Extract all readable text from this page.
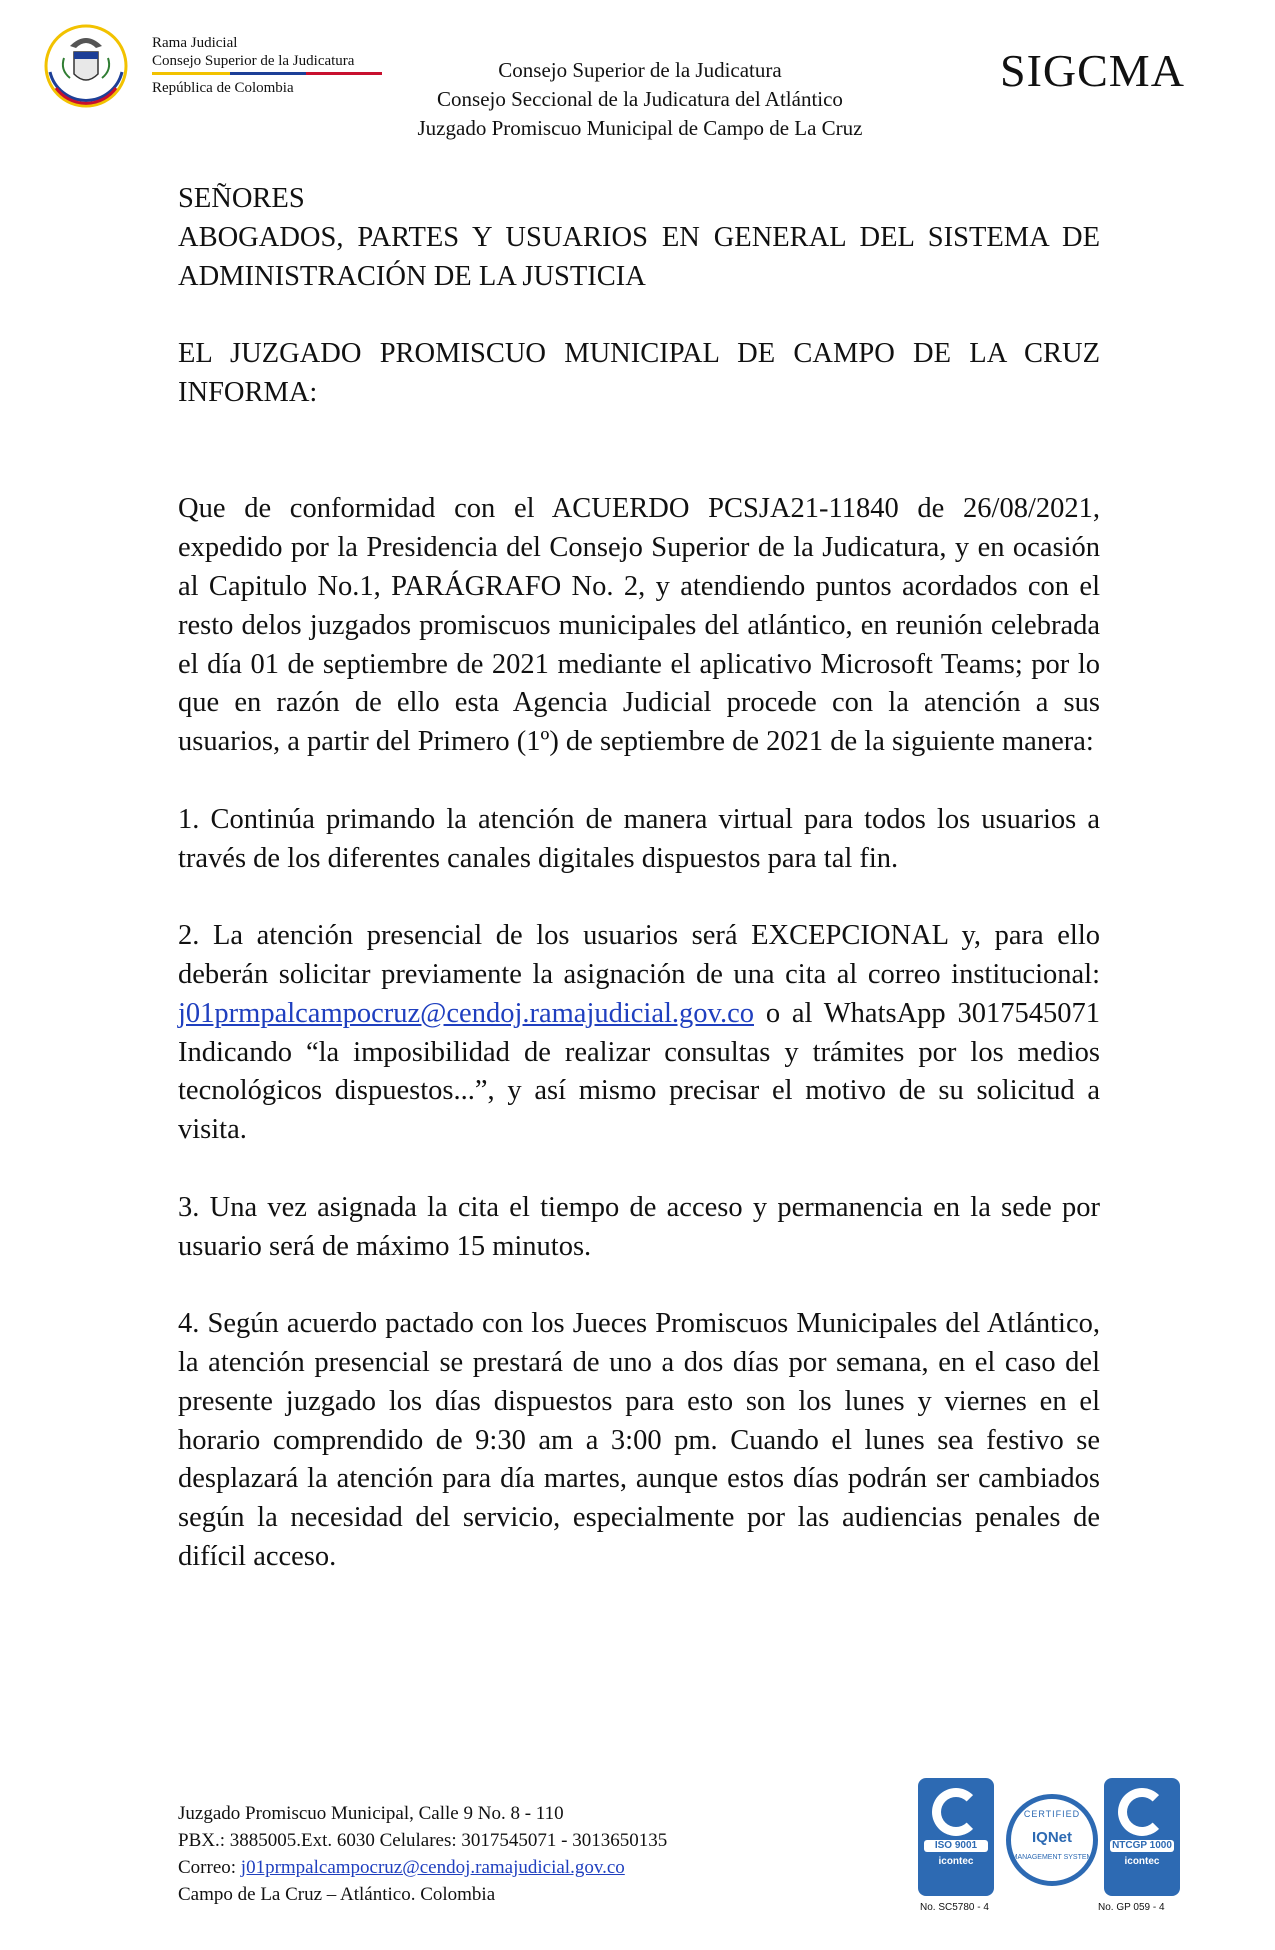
Rama Judicial
Consejo Superior de la Judicatura
República de Colombia
Consejo Superior de la Judicatura
Consejo Seccional de la Judicatura del Atlántico
Juzgado Promiscuo Municipal de Campo de La Cruz
SIGCMA

SEÑORES

ABOGADOS, PARTES Y USUARIOS EN GENERAL DEL SISTEMA DE ADMINISTRACIÓN DE LA JUSTICIA

EL JUZGADO PROMISCUO MUNICIPAL DE CAMPO DE LA CRUZ INFORMA:

Que de conformidad con el ACUERDO PCSJA21-11840 de 26/08/2021, expedido por la Presidencia del Consejo Superior de la Judicatura, y en ocasión al Capitulo No.1, PARÁGRAFO No. 2, y atendiendo puntos acordados con el resto delos juzgados promiscuos municipales del atlántico, en reunión celebrada el día 01 de septiembre de 2021 mediante el aplicativo Microsoft Teams; por lo que en razón de ello esta Agencia Judicial procede con la atención a sus usuarios, a partir del Primero (1º) de septiembre de 2021 de la siguiente manera:

1. Continúa primando la atención de manera virtual para todos los usuarios a través de los diferentes canales digitales dispuestos para tal fin.

2. La atención presencial de los usuarios será EXCEPCIONAL y, para ello deberán solicitar previamente la asignación de una cita al correo institucional: j01prmpalcampocruz@cendoj.ramajudicial.gov.co o al WhatsApp 3017545071 Indicando “la imposibilidad de realizar consultas y trámites por los medios tecnológicos dispuestos...”, y así mismo precisar el motivo de su solicitud a visita.

3. Una vez asignada la cita el tiempo de acceso y permanencia en la sede por usuario será de máximo 15 minutos.

4. Según acuerdo pactado con los Jueces Promiscuos Municipales del Atlántico, la atención presencial se prestará de uno a dos días por semana, en el caso del presente juzgado los días dispuestos para esto son los lunes y viernes en el horario comprendido de 9:30 am a 3:00 pm. Cuando el lunes sea festivo se desplazará la atención para día martes, aunque estos días podrán ser cambiados según la necesidad del servicio, especialmente por las audiencias penales de difícil acceso.

Juzgado Promiscuo Municipal, Calle 9 No. 8 - 110
PBX.: 3885005.Ext. 6030 Celulares: 3017545071 - 3013650135
Correo: j01prmpalcampocruz@cendoj.ramajudicial.gov.co
Campo de La Cruz – Atlántico. Colombia
ISO 9001
icontec
No. SC5780 - 4
CERTIFIED
IQNet
MANAGEMENT SYSTEM
NTCGP 1000
icontec
No. GP 059 - 4
